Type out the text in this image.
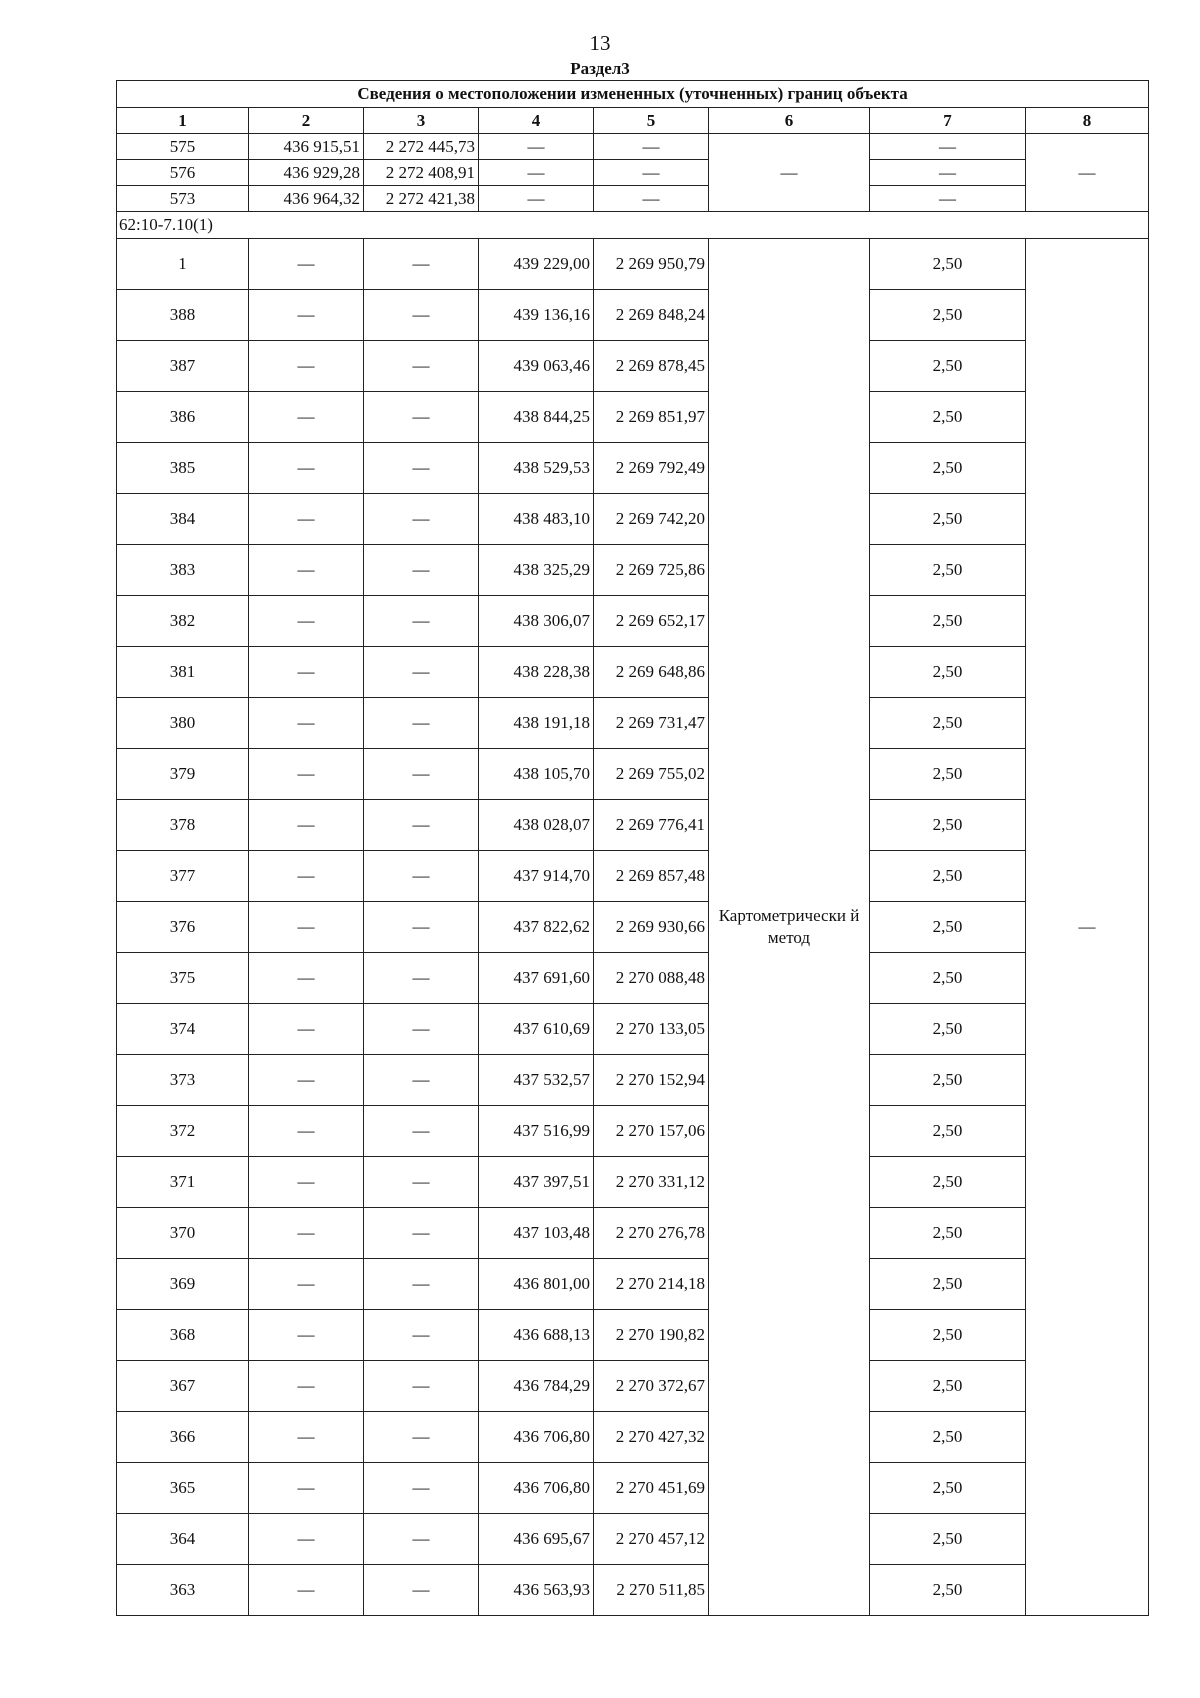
13
Раздел3
Сведения о местоположении измененных (уточненных) границ объекта							
1	2	3	4	5	6	7	8
575	436 915,51	2 272 445,73	—	—	—	—	—
576	436 929,28	2 272 408,91	—	—		—	
573	436 964,32	2 272 421,38	—	—		—	
62:10-7.10(1)							
1	—	—	439 229,00	2 269 950,79	Картометрически й метод	2,50	—
388	—	—	439 136,16	2 269 848,24		2,50	
387	—	—	439 063,46	2 269 878,45		2,50	
386	—	—	438 844,25	2 269 851,97		2,50	
385	—	—	438 529,53	2 269 792,49		2,50	
384	—	—	438 483,10	2 269 742,20		2,50	
383	—	—	438 325,29	2 269 725,86		2,50	
382	—	—	438 306,07	2 269 652,17		2,50	
381	—	—	438 228,38	2 269 648,86		2,50	
380	—	—	438 191,18	2 269 731,47		2,50	
379	—	—	438 105,70	2 269 755,02		2,50	
378	—	—	438 028,07	2 269 776,41		2,50	
377	—	—	437 914,70	2 269 857,48		2,50	
376	—	—	437 822,62	2 269 930,66		2,50	
375	—	—	437 691,60	2 270 088,48		2,50	
374	—	—	437 610,69	2 270 133,05		2,50	
373	—	—	437 532,57	2 270 152,94		2,50	
372	—	—	437 516,99	2 270 157,06		2,50	
371	—	—	437 397,51	2 270 331,12		2,50	
370	—	—	437 103,48	2 270 276,78		2,50	
369	—	—	436 801,00	2 270 214,18		2,50	
368	—	—	436 688,13	2 270 190,82		2,50	
367	—	—	436 784,29	2 270 372,67		2,50	
366	—	—	436 706,80	2 270 427,32		2,50	
365	—	—	436 706,80	2 270 451,69		2,50	
364	—	—	436 695,67	2 270 457,12		2,50	
363	—	—	436 563,93	2 270 511,85		2,50	
